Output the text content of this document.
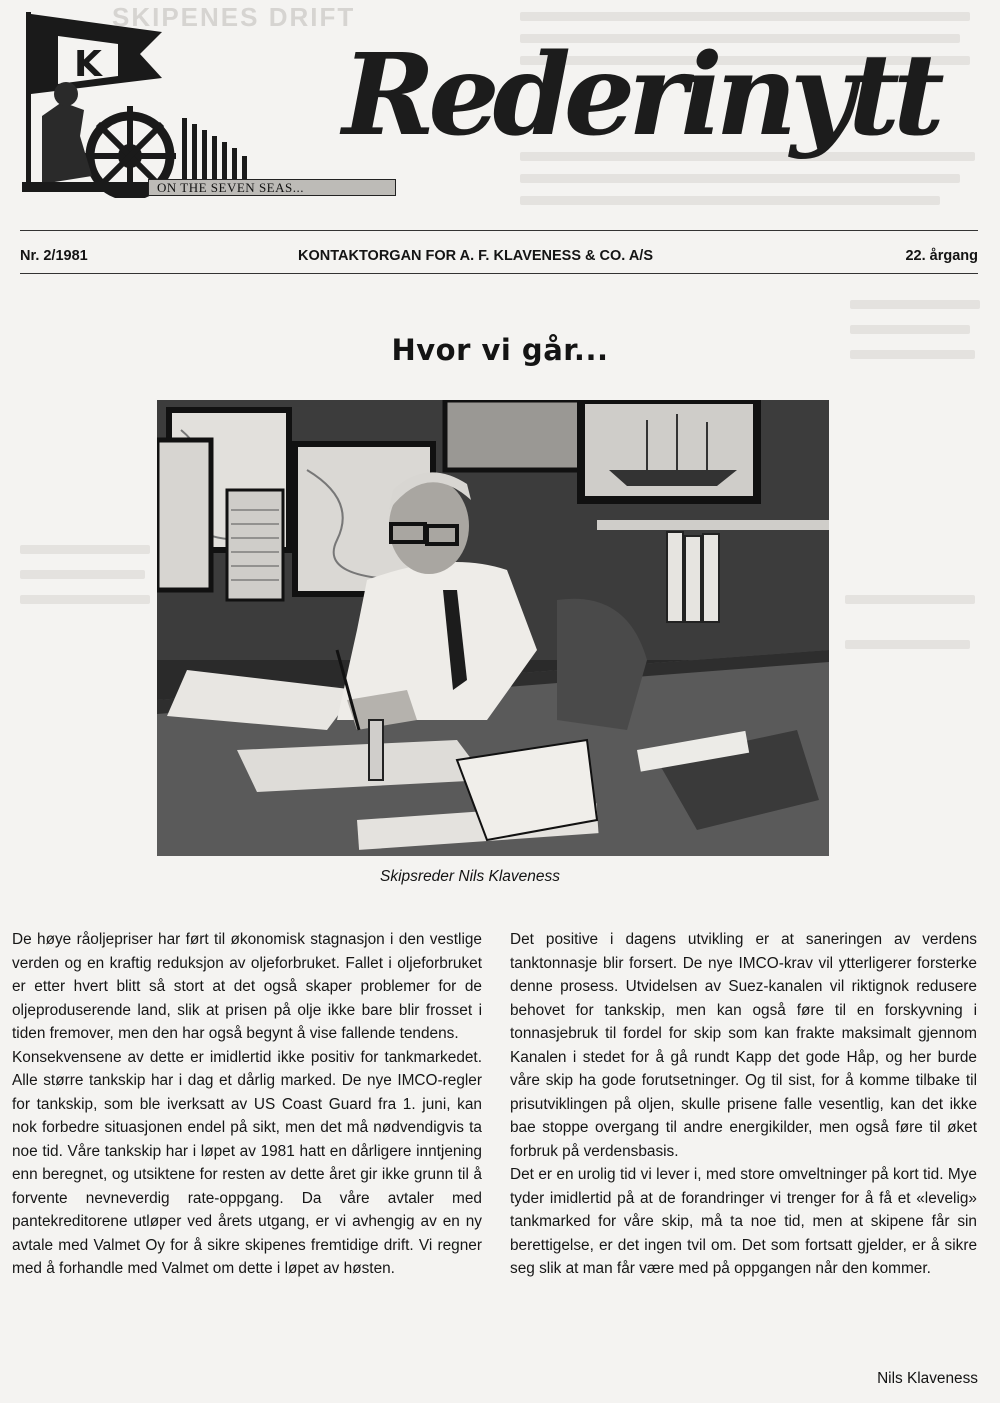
SKIPENES DRIFT
K
ON THE SEVEN SEAS...
Rederinytt
Nr. 2/1981	KONTAKTORGAN FOR A. F. KLAVENESS & CO. A/S	22. årgang
Hvor vi går...
Skipsreder Nils Klaveness

De høye råoljepriser har ført til økonomisk stagnasjon i den vestlige verden og en kraftig reduksjon av oljeforbruket. Fallet i oljeforbruket er etter hvert blitt så stort at det også skaper problemer for de oljeproduserende land, slik at prisen på olje ikke bare blir frosset i tiden fremover, men den har også begynt å vise fallende tendens.

Konsekvensene av dette er imidlertid ikke positiv for tankmarkedet. Alle større tankskip har i dag et dårlig marked. De nye IMCO-regler for tankskip, som ble iverksatt av US Coast Guard fra 1. juni, kan nok forbedre situasjonen endel på sikt, men det må nødvendigvis ta noe tid. Våre tankskip har i løpet av 1981 hatt en dårligere inntjening enn beregnet, og utsiktene for resten av dette året gir ikke grunn til å forvente nevneverdig rate-oppgang. Da våre avtaler med pantekreditorene utløper ved årets utgang, er vi avhengig av en ny avtale med Valmet Oy for å sikre skipenes fremtidige drift. Vi regner med å forhandle med Valmet om dette i løpet av høsten.

Det positive i dagens utvikling er at saneringen av verdens tanktonnasje blir forsert. De nye IMCO-krav vil ytterligerer forsterke denne prosess. Utvidelsen av Suez-kanalen vil riktignok redusere behovet for tankskip, men kan også føre til en forskyvning i tonnasjebruk til fordel for skip som kan frakte maksimalt gjennom Kanalen i stedet for å gå rundt Kapp det gode Håp, og her burde våre skip ha gode forutsetninger. Og til sist, for å komme tilbake til prisutviklingen på oljen, skulle prisene falle vesentlig, kan det ikke bae stoppe overgang til andre energikilder, men også føre til øket forbruk på verdensbasis.

Det er en urolig tid vi lever i, med store omveltninger på kort tid. Mye tyder imidlertid på at de forandringer vi trenger for å få et «levelig» tankmarked for våre skip, må ta noe tid, men at skipene får sin berettigelse, er det ingen tvil om. Det som fortsatt gjelder, er å sikre seg slik at man får være med på oppgangen når den kommer.

Nils Klaveness
